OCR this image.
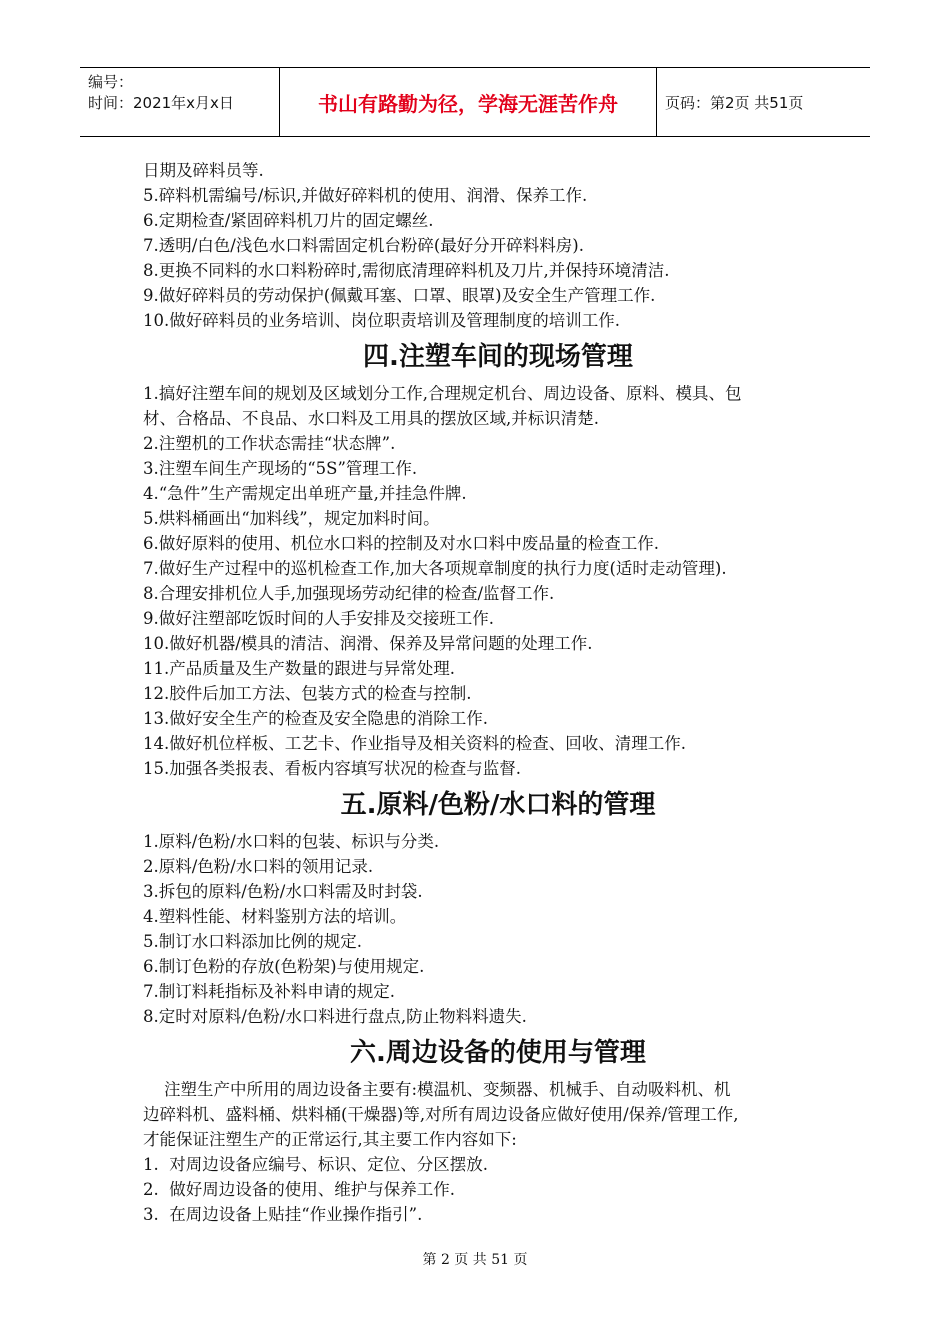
编号：
时间：2021年x月x日	书山有路勤为径，学海无涯苦作舟	页码：第2页 共51页
日期及碎料员等.
5.碎料机需编号/标识,并做好碎料机的使用、润滑、保养工作.
6.定期检查/紧固碎料机刀片的固定螺丝.
7.透明/白色/浅色水口料需固定机台粉碎(最好分开碎料料房).
8.更换不同料的水口料粉碎时,需彻底清理碎料机及刀片,并保持环境清洁.
9.做好碎料员的劳动保护(佩戴耳塞、口罩、眼罩)及安全生产管理工作.
10.做好碎料员的业务培训、岗位职责培训及管理制度的培训工作.
四.注塑车间的现场管理
1.搞好注塑车间的规划及区域划分工作,合理规定机台、周边设备、原料、模具、包
材、合格品、不良品、水口料及工用具的摆放区域,并标识清楚.
2.注塑机的工作状态需挂“状态牌”.
3.注塑车间生产现场的“5S”管理工作.
4.“急件”生产需规定出单班产量,并挂急件牌.
5.烘料桶画出“加料线”，规定加料时间。
6.做好原料的使用、机位水口料的控制及对水口料中废品量的检查工作.
7.做好生产过程中的巡机检查工作,加大各项规章制度的执行力度(适时走动管理).
8.合理安排机位人手,加强现场劳动纪律的检查/监督工作.
9.做好注塑部吃饭时间的人手安排及交接班工作.
10.做好机器/模具的清洁、润滑、保养及异常问题的处理工作.
11.产品质量及生产数量的跟进与异常处理.
12.胶件后加工方法、包装方式的检查与控制.
13.做好安全生产的检查及安全隐患的消除工作.
14.做好机位样板、工艺卡、作业指导及相关资料的检查、回收、清理工作.
15.加强各类报表、看板内容填写状况的检查与监督.
五.原料/色粉/水口料的管理
1.原料/色粉/水口料的包装、标识与分类.
2.原料/色粉/水口料的领用记录.
3.拆包的原料/色粉/水口料需及时封袋.
4.塑料性能、材料鉴别方法的培训。
5.制订水口料添加比例的规定.
6.制订色粉的存放(色粉架)与使用规定.
7.制订料耗指标及补料申请的规定.
8.定时对原料/色粉/水口料进行盘点,防止物料料遗失.
六.周边设备的使用与管理
注塑生产中所用的周边设备主要有:模温机、变频器、机械手、自动吸料机、机
边碎料机、盛料桶、烘料桶(干燥器)等,对所有周边设备应做好使用/保养/管理工作,
才能保证注塑生产的正常运行,其主要工作内容如下:
1.  对周边设备应编号、标识、定位、分区摆放.
2.  做好周边设备的使用、维护与保养工作.
3.  在周边设备上贴挂“作业操作指引”.
第 2 页 共 51 页
